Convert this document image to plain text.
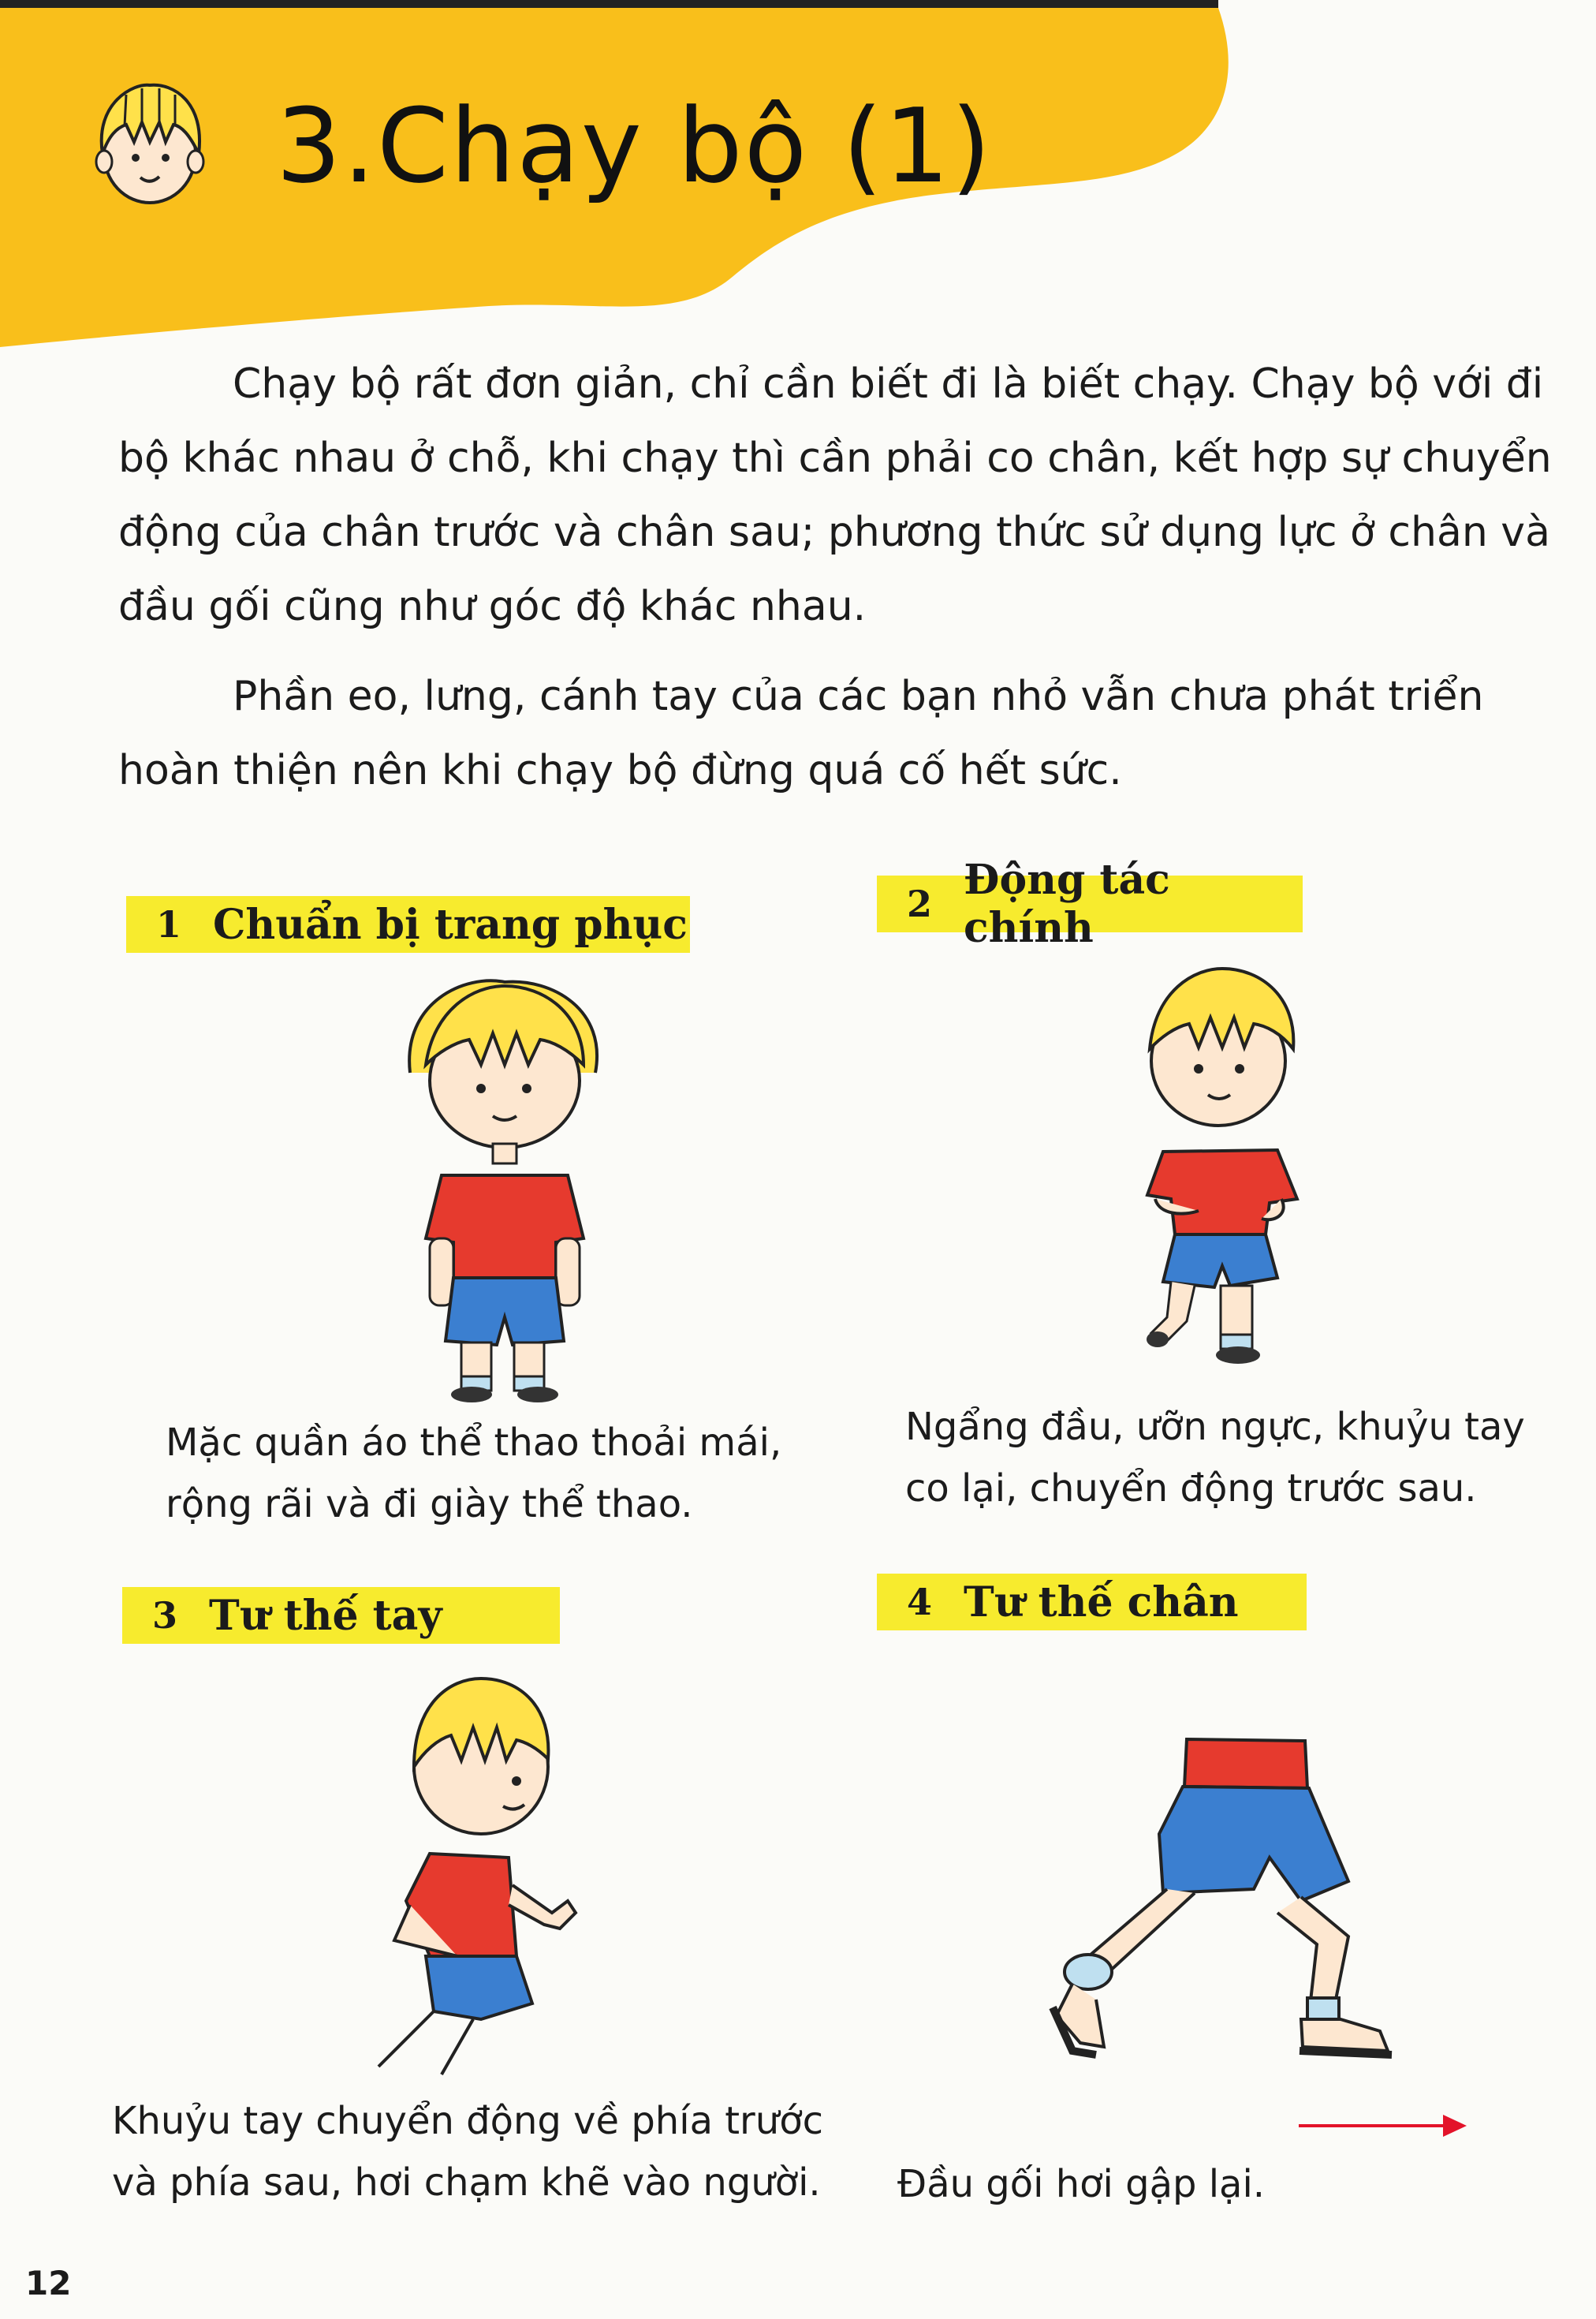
3.Chạy bộ (1)

Chạy bộ rất đơn giản, chỉ cần biết đi là biết chạy. Chạy bộ với đi bộ khác nhau ở chỗ, khi chạy thì cần phải co chân, kết hợp sự chuyển động của chân trước và chân sau; phương thức sử dụng lực ở chân và đầu gối cũng như góc độ khác nhau.

Phần eo, lưng, cánh tay của các bạn nhỏ vẫn chưa phát triển hoàn thiện nên khi chạy bộ đừng quá cố hết sức.

1 Chuẩn bị trang phục
Mặc quần áo thể thao thoải mái,
rộng rãi và đi giày thể thao.
2 Động tác chính
Ngẩng đầu, ưỡn ngực, khuỷu tay
co lại, chuyển động trước sau.
3 Tư thế tay
Khuỷu tay chuyển động về phía trước
và phía sau, hơi chạm khẽ vào người.
4 Tư thế chân
Đầu gối hơi gập lại.
12
